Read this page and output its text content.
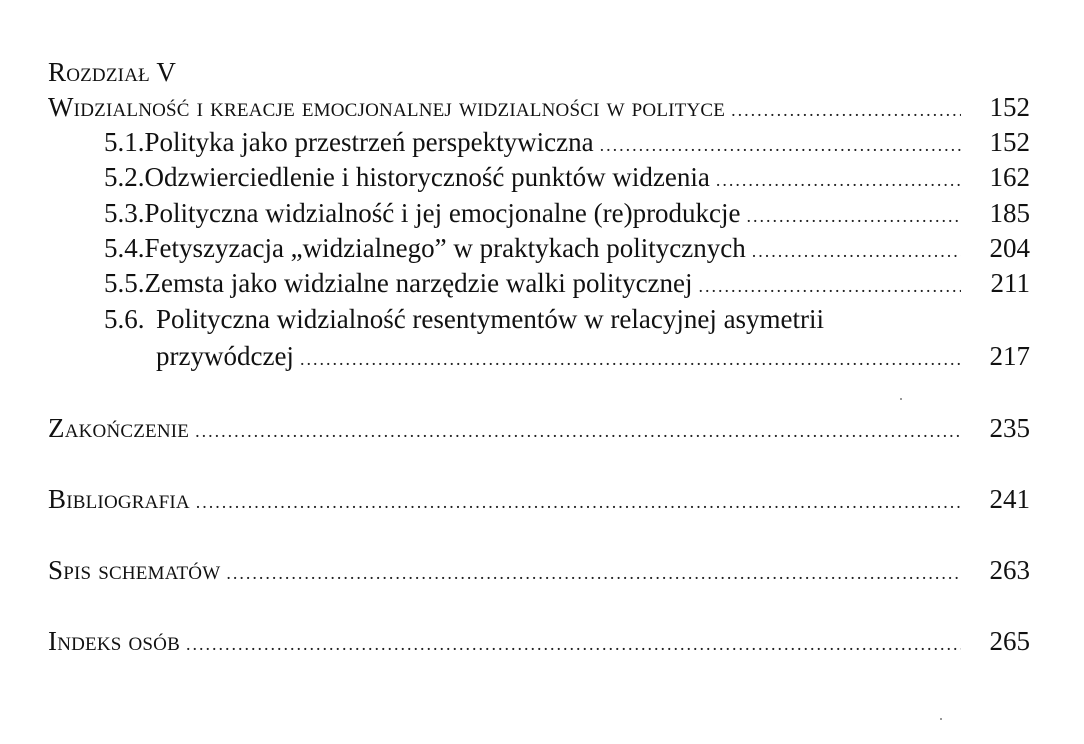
Rozdział V
Widzialność i kreacje emocjonalnej widzialności w polityce .....	152
5.1. Polityka jako przestrzeń perspektywiczna .....	152
5.2. Odzwierciedlenie i historyczność punktów widzenia .....	162
5.3. Polityczna widzialność i jej emocjonalne (re)produkcje .....	185
5.4. Fetyszyzacja „widzialnego” w praktykach politycznych .....	204
5.5. Zemsta jako widzialne narzędzie walki politycznej .....	211
5.6. Polityczna widzialność resentymentów w relacyjnej asymetrii
przywódczej .....	217
Zakończenie .....	235
Bibliografia .....	241
Spis schematów .....	263
Indeks osób .....	265
